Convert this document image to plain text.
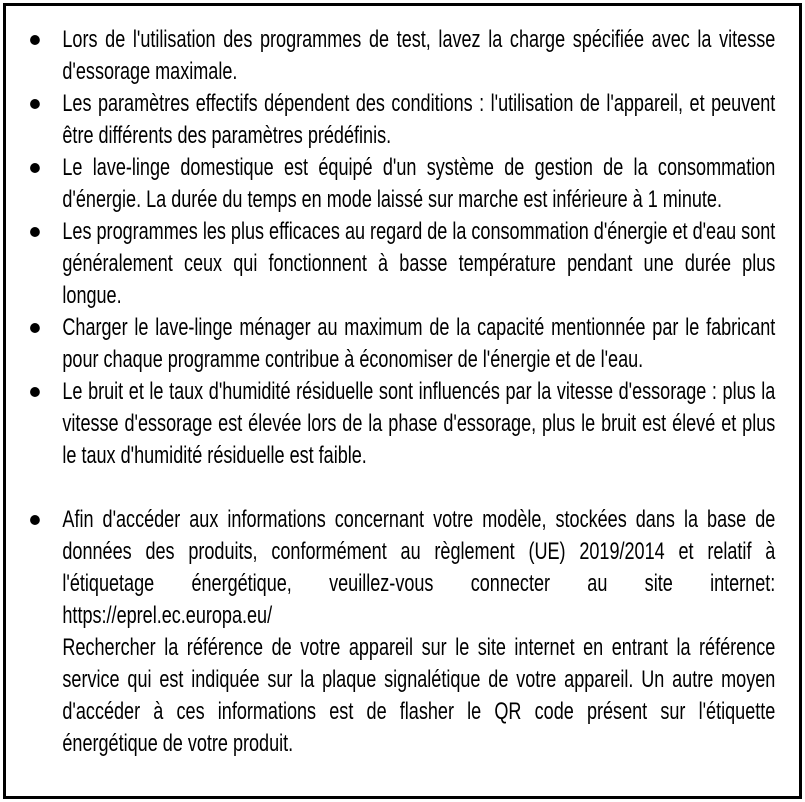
Lors de l'utilisation des programmes de test, lavez la charge spécifiée avec la vitesse d'essorage maximale.

Les paramètres effectifs dépendent des conditions : l'utilisation de l'appareil, et peuvent être différents des paramètres prédéfinis.

Le lave-linge domestique est équipé d'un système de gestion de la consommation d'énergie. La durée du temps en mode laissé sur marche est inférieure à 1 minute.

Les programmes les plus efficaces au regard de la consommation d'énergie et d'eau sont généralement ceux qui fonctionnent à basse température pendant une durée plus longue.

Charger le lave-linge ménager au maximum de la capacité mentionnée par le fabricant pour chaque programme contribue à économiser de l'énergie et de l'eau.

Le bruit et le taux d'humidité résiduelle sont influencés par la vitesse d'essorage : plus la vitesse d'essorage est élevée lors de la phase d'essorage, plus le bruit est élevé et plus le taux d'humidité résiduelle est faible.

Afin d'accéder aux informations concernant votre modèle, stockées dans la base de données des produits, conformément au règlement (UE) 2019/2014 et relatif à l'étiquetage énergétique, veuillez-vous connecter au site internet:

https://eprel.ec.europa.eu/

Rechercher la référence de votre appareil sur le site internet en entrant la référence service qui est indiquée sur la plaque signalétique de votre appareil. Un autre moyen d'accéder à ces informations est de flasher le QR code présent sur l'étiquette énergétique de votre produit.
